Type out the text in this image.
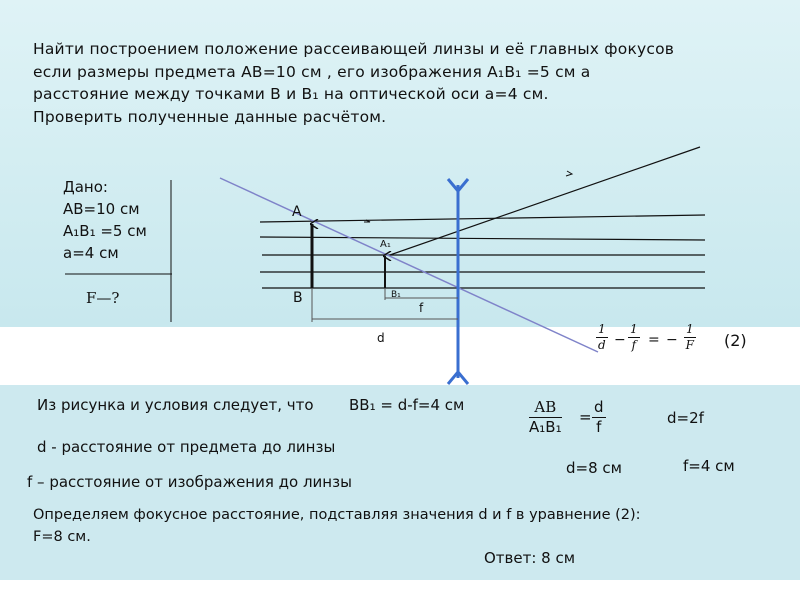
Найти построением положение рассеивающей линзы и её главных фокусов
если размеры предмета AB=10 см , его изображения A₁B₁ =5 см а
расстояние между точками B и B₁ на оптической оси a=4 см.
Проверить полученные данные расчётом.
Дано:
AB=10 см
A₁B₁ =5 см
a=4 см
F—?
A
B
A₁
B₁
f
d	$\frac{1}{d} - \frac{1}{f}$ = − $\frac{1}{F} (2)$
Из рисунка и условия следует, что BB₁ = d-f=4 см	$\frac{AB}{\text{A₁B₁}} = \frac{d}{f}$	d=2f
d - расстояние от предмета до линзы
d=8 см	f=4 см
f – расстояние от изображения до линзы
Определяем фокусное расстояние, подставляя значения d и f в уравнение (2):
F=8 см.
Ответ: 8 см
